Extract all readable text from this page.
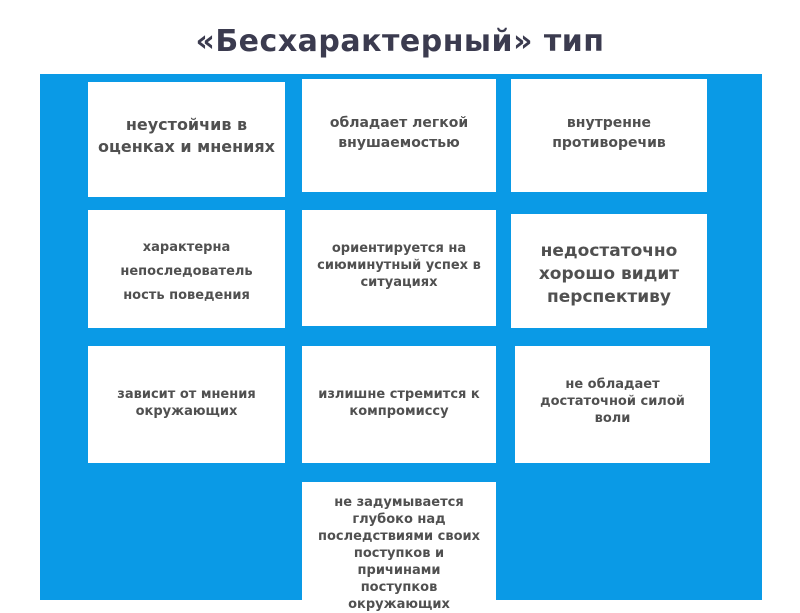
«Бесхарактерный» тип
неустойчив в
оценках и мнениях
обладает легкой
внушаемостью
внутренне
противоречив
характерна
непоследователь
ность поведения
ориентируется на
сиюминутный успех в
ситуациях
недостаточно
хорошо видит
перспективу
зависит от мнения
окружающих
излишне стремится к
компромиссу
не обладает
достаточной силой
воли
не задумывается
глубоко над
последствиями своих
поступков и причинами
поступков окружающих
